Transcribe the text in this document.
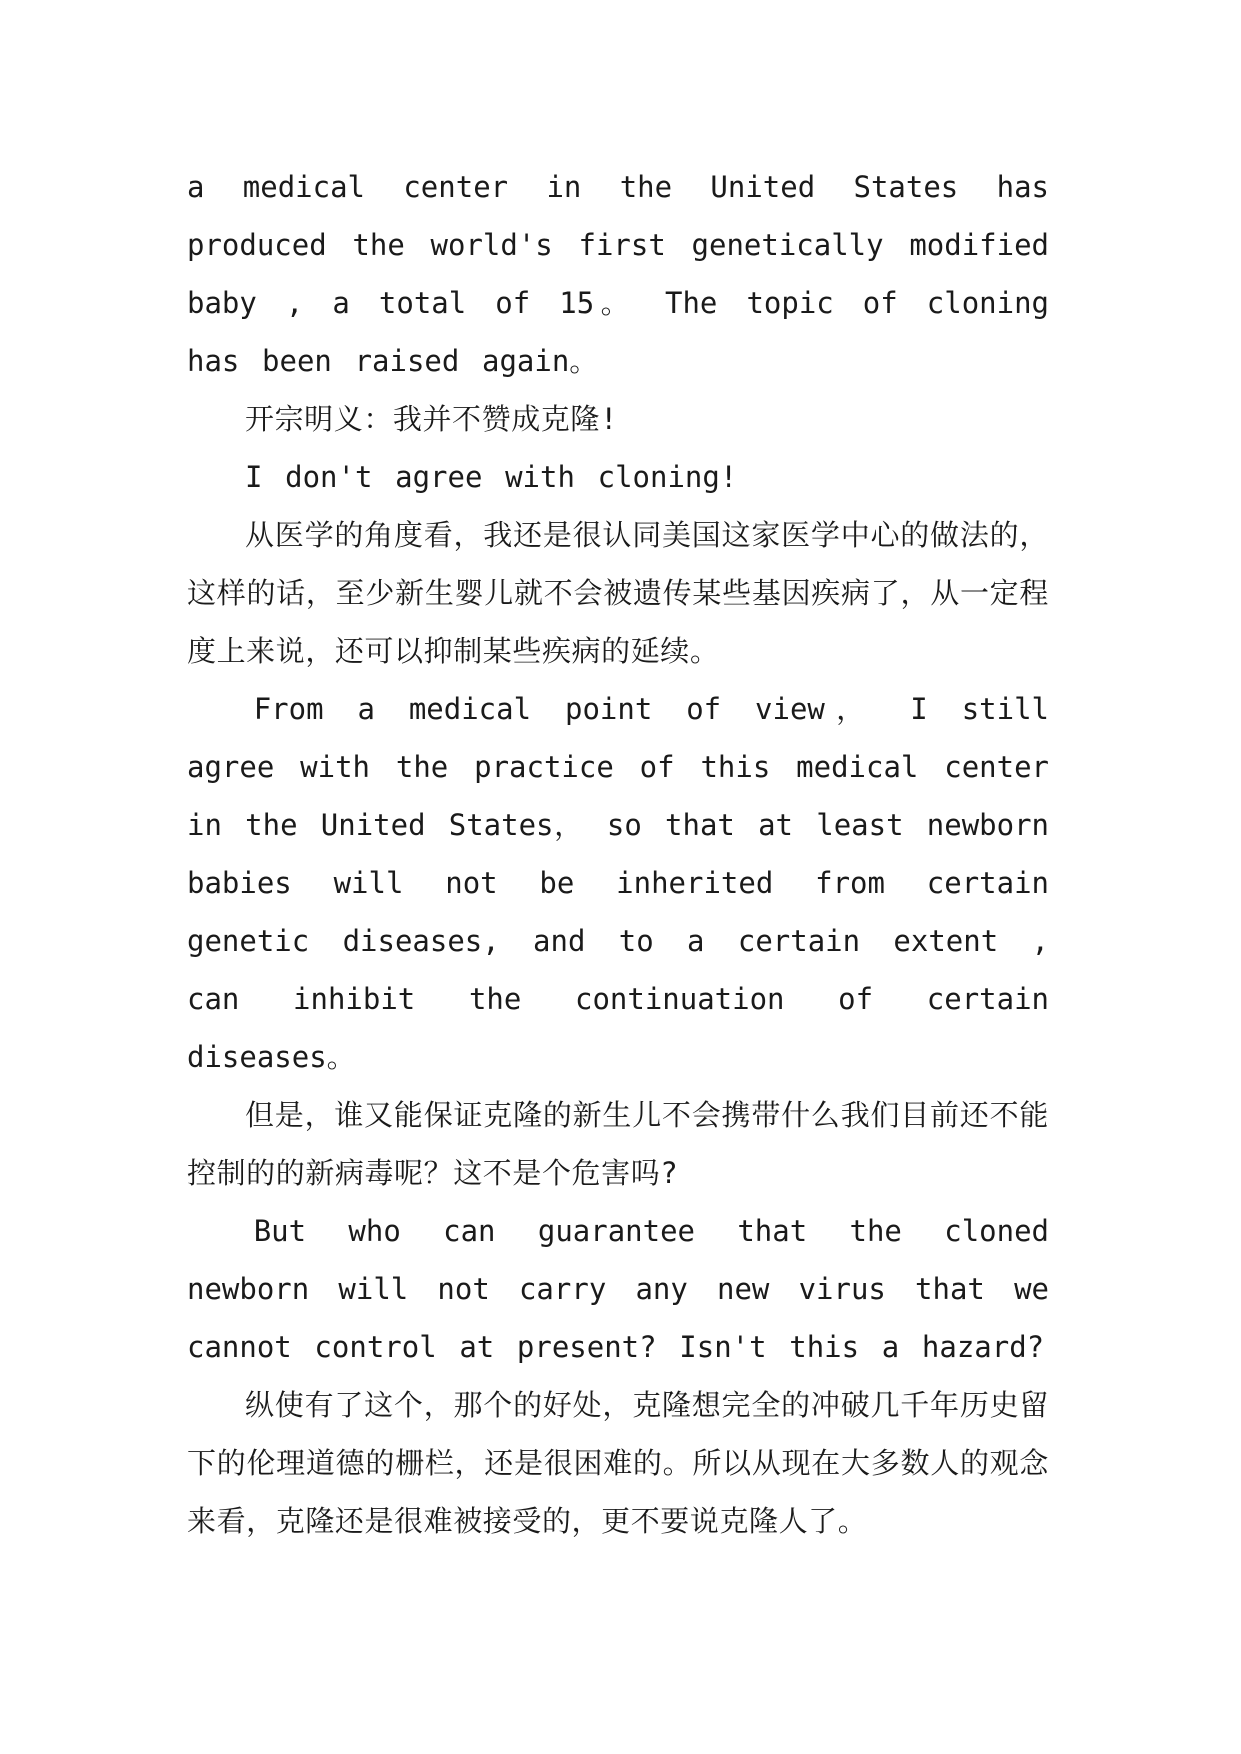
a medical center in the United States has produced the world's first genetically modified baby , a total of 15。 The topic of cloning has been raised again。

开宗明义：我并不赞成克隆!

I don't agree with cloning!

从医学的角度看，我还是很认同美国这家医学中心的做法的，这样的话，至少新生婴儿就不会被遗传某些基因疾病了，从一定程度上来说，还可以抑制某些疾病的延续。

From a medical point of view， I still agree with the practice of this medical center in the United States， so that at least newborn babies will not be inherited from certain genetic diseases, and to a certain extent , can inhibit the continuation of certain diseases。

但是，谁又能保证克隆的新生儿不会携带什么我们目前还不能控制的的新病毒呢？这不是个危害吗?

But who can guarantee that the cloned newborn will not carry any new virus that we cannot control at present? Isn't this a hazard?

纵使有了这个，那个的好处，克隆想完全的冲破几千年历史留下的伦理道德的栅栏，还是很困难的。所以从现在大多数人的观念来看，克隆还是很难被接受的，更不要说克隆人了。
